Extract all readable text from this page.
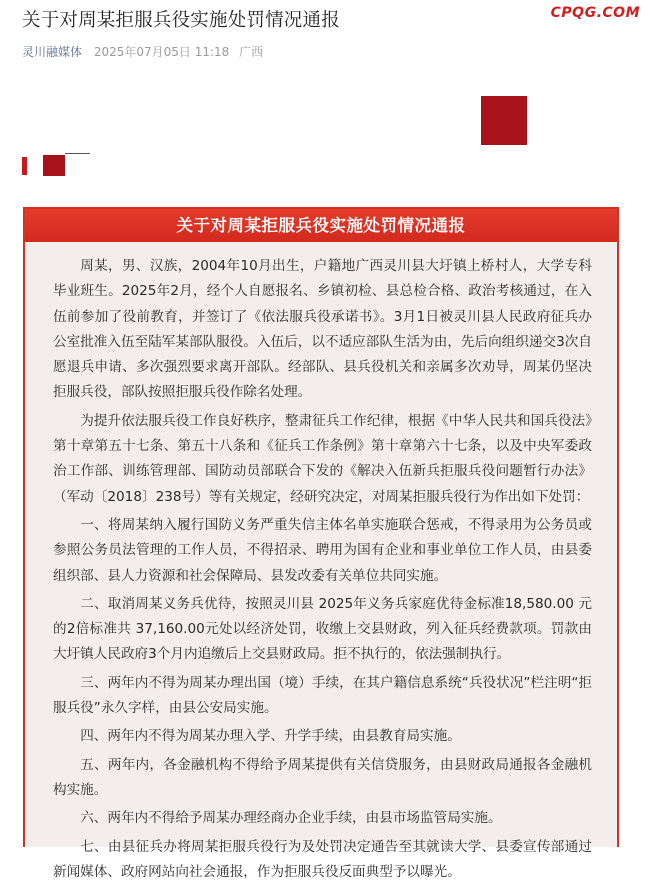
关于对周某拒服兵役实施处罚情况通报	CPQG.COM
灵川融媒体 2025年07月05日 11:18 广西
关于对周某拒服兵役实施处罚情况通报

周某，男、汉族，2004年10月出生，户籍地广西灵川县大圩镇上桥村人，大学专科毕业班生。2025年2月，经个人自愿报名、乡镇初检、县总检合格、政治考核通过，在入伍前参加了役前教育，并签订了《依法服兵役承诺书》。3月1日被灵川县人民政府征兵办公室批准入伍至陆军某部队服役。入伍后，以不适应部队生活为由，先后向组织递交3次自愿退兵申请、多次强烈要求离开部队。经部队、县兵役机关和亲属多次劝导，周某仍坚决拒服兵役，部队按照拒服兵役作除名处理。

为提升依法服兵役工作良好秩序，整肃征兵工作纪律，根据《中华人民共和国兵役法》第十章第五十七条、第五十八条和《征兵工作条例》第十章第六十七条，以及中央军委政治工作部、训练管理部、国防动员部联合下发的《解决入伍新兵拒服兵役问题暂行办法》（军动〔2018〕238号）等有关规定，经研究决定，对周某拒服兵役行为作出如下处罚：

一、将周某纳入履行国防义务严重失信主体名单实施联合惩戒，不得录用为公务员或参照公务员法管理的工作人员，不得招录、聘用为国有企业和事业单位工作人员，由县委组织部、县人力资源和社会保障局、县发改委有关单位共同实施。

二、取消周某义务兵优待，按照灵川县 2025年义务兵家庭优待金标准18,580.00 元的2倍标准共 37,160.00元处以经济处罚，收缴上交县财政，列入征兵经费款项。罚款由大圩镇人民政府3个月内追缴后上交县财政局。拒不执行的，依法强制执行。

三、两年内不得为周某办理出国（境）手续，在其户籍信息系统“兵役状况”栏注明“拒服兵役”永久字样，由县公安局实施。

四、两年内不得为周某办理入学、升学手续，由县教育局实施。

五、两年内，各金融机构不得给予周某提供有关信贷服务，由县财政局通报各金融机构实施。

六、两年内不得给予周某办理经商办企业手续，由县市场监管局实施。

七、由县征兵办将周某拒服兵役行为及处罚决定通告至其就读大学、县委宣传部通过新闻媒体、政府网站向社会通报，作为拒服兵役反面典型予以曝光。
